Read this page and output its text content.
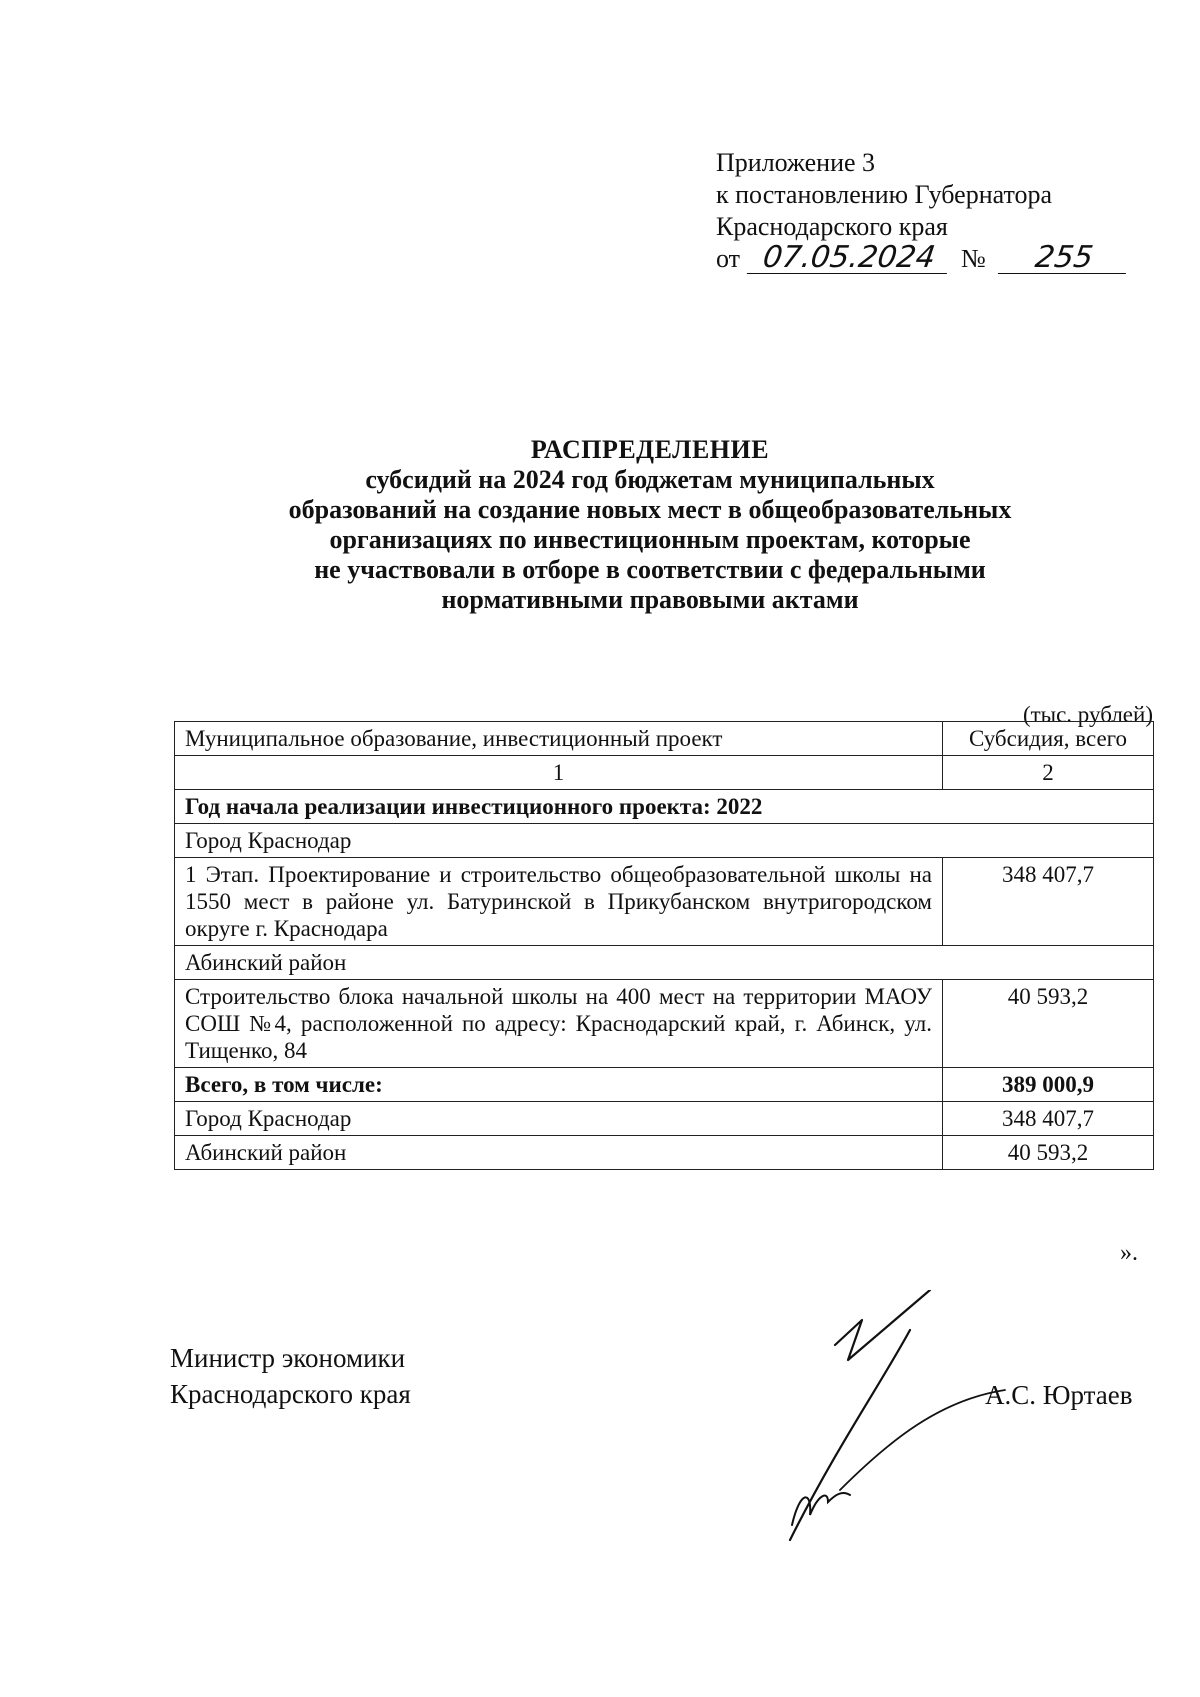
Приложение 3
к постановлению Губернатора
Краснодарского края
от 07.05.2024 № 255
РАСПРЕДЕЛЕНИЕ
субсидий на 2024 год бюджетам муниципальных
образований на создание новых мест в общеобразовательных
организациях по инвестиционным проектам, которые
не участвовали в отборе в соответствии с федеральными
нормативными правовыми актами
(тыс. рублей)
Муниципальное образование, инвестиционный проект	Субсидия, всего
1	2
Год начала реализации инвестиционного проекта: 2022	
Город Краснодар	
1 Этап. Проектирование и строительство общеобразовательной школы на 1550 мест в районе ул. Батуринской в Прикубанском внутригородском округе г. Краснодара	348 407,7
Абинский район	
Строительство блока начальной школы на 400 мест на территории МАОУ СОШ №4, расположенной по адресу: Краснодарский край, г. Абинск, ул. Тищенко, 84	40 593,2
Всего, в том числе:	389 000,9
Город Краснодар	348 407,7
Абинский район	40 593,2
».
Министр экономики
Краснодарского края	А.С. Юртаев
